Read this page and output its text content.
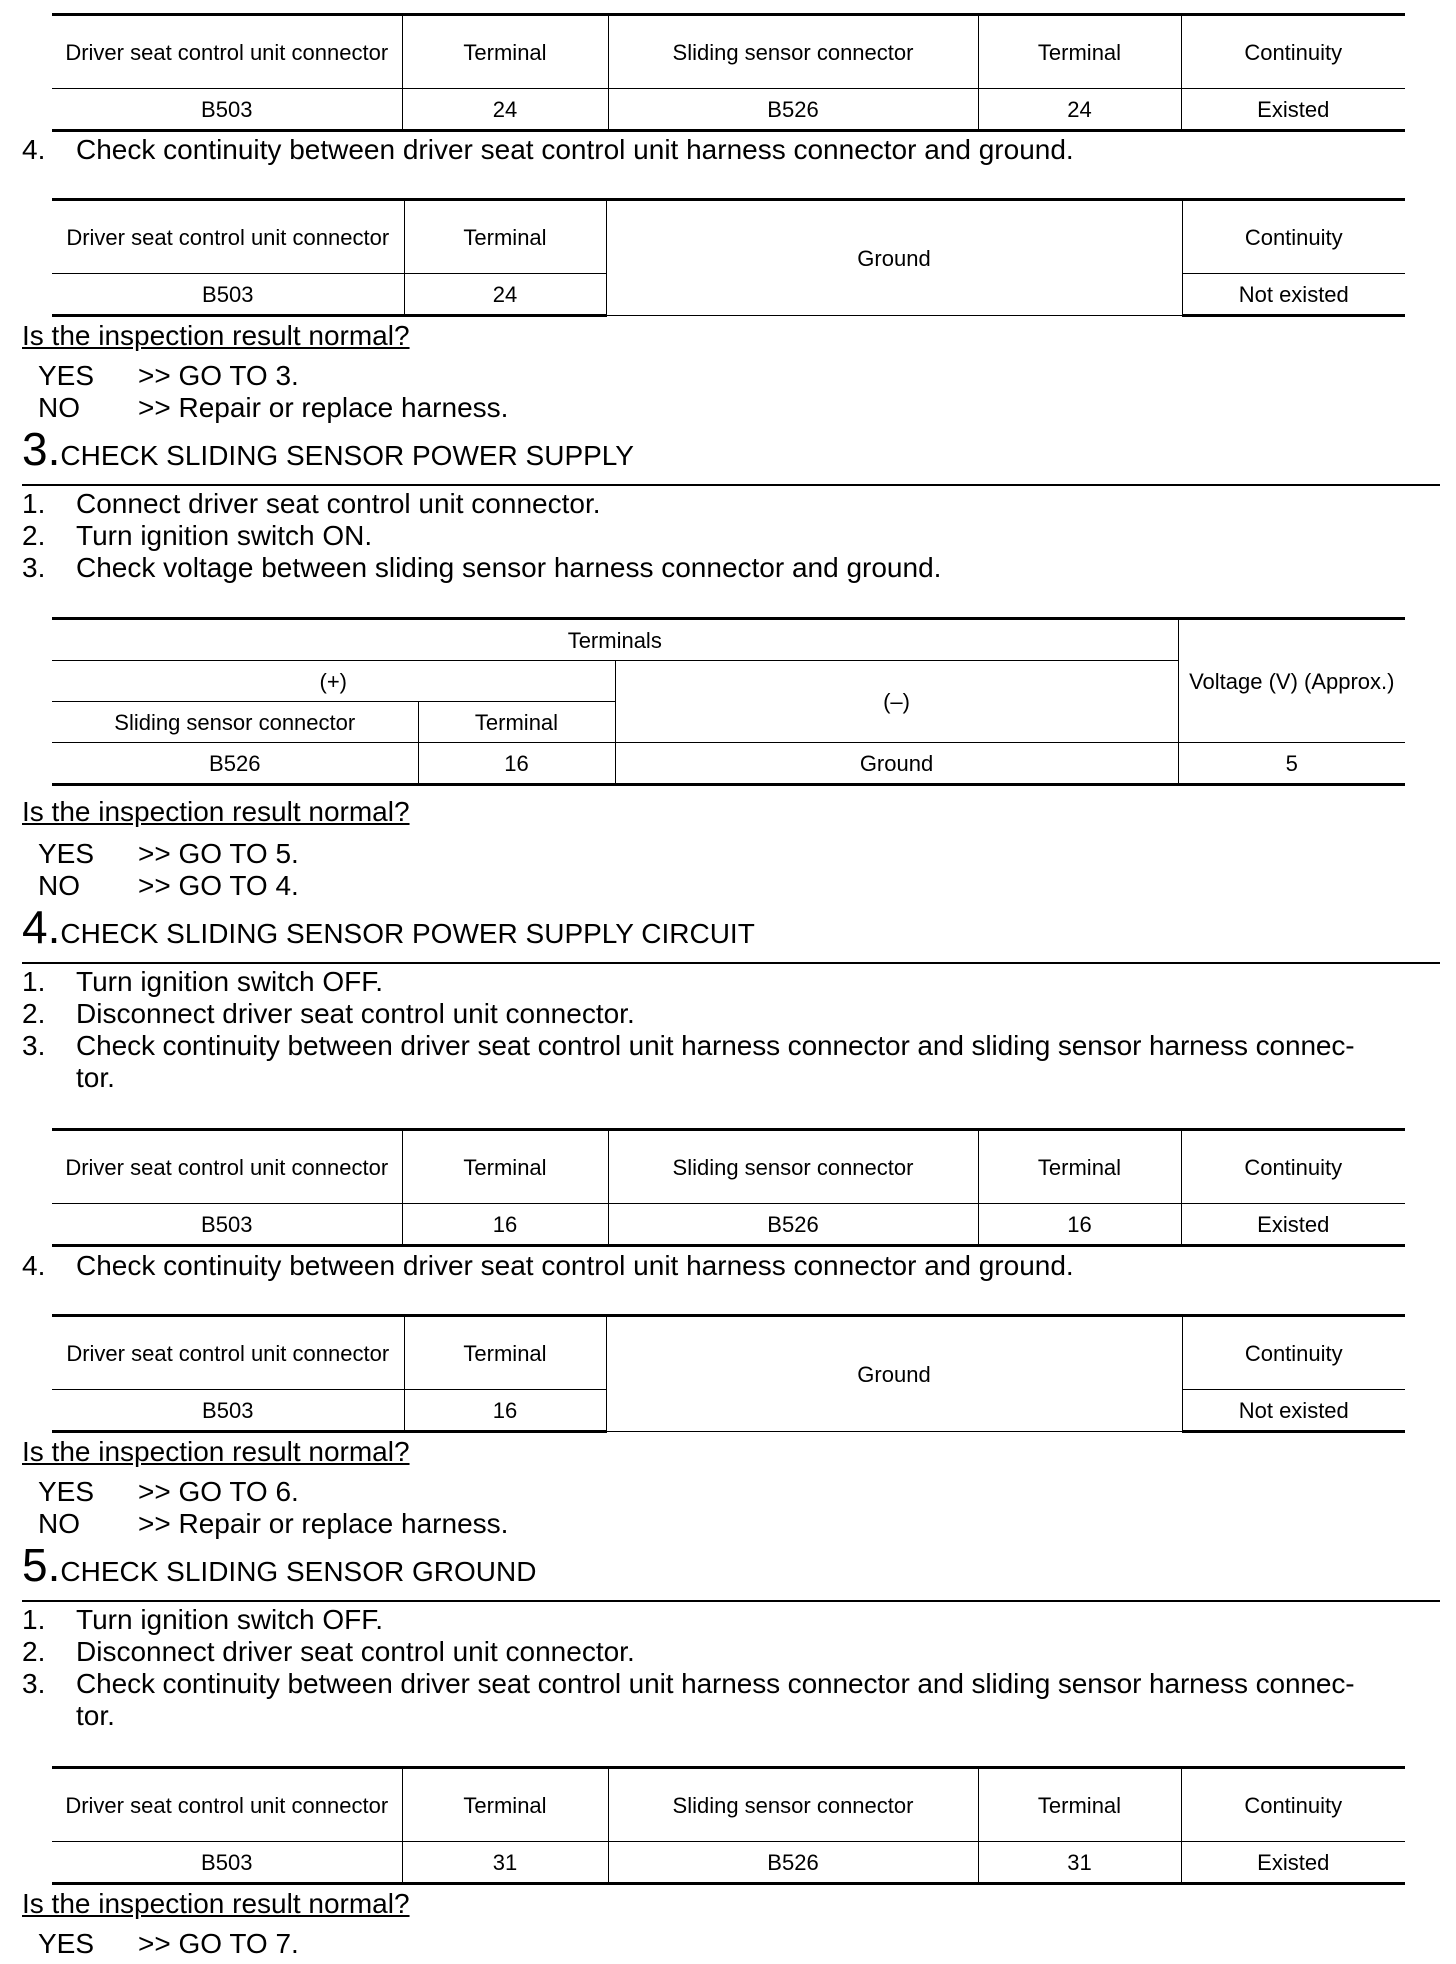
Driver seat control unit connector	Terminal	Sliding sensor connector	Terminal	Continuity
B503	24	B526	24	Existed
4. Check continuity between driver seat control unit harness connector and ground.
Driver seat control unit connector	Terminal	Ground	Continuity
B503	24		Not existed
Is the inspection result normal?
YES >> GO TO 3.
NO >> Repair or replace harness.
3.CHECK SLIDING SENSOR POWER SUPPLY
1. Connect driver seat control unit connector.
2. Turn ignition switch ON.
3. Check voltage between sliding sensor harness connector and ground.
Terminals			Voltage (V) (Approx.)
(+)		(–)	
Sliding sensor connector	Terminal		
B526	16	Ground	5
Is the inspection result normal?
YES >> GO TO 5.
NO >> GO TO 4.
4.CHECK SLIDING SENSOR POWER SUPPLY CIRCUIT
1. Turn ignition switch OFF.
2. Disconnect driver seat control unit connector.
3. Check continuity between driver seat control unit harness connector and sliding sensor harness connec-
tor.
Driver seat control unit connector	Terminal	Sliding sensor connector	Terminal	Continuity
B503	16	B526	16	Existed
4. Check continuity between driver seat control unit harness connector and ground.
Driver seat control unit connector	Terminal	Ground	Continuity
B503	16		Not existed
Is the inspection result normal?
YES >> GO TO 6.
NO >> Repair or replace harness.
5.CHECK SLIDING SENSOR GROUND
1. Turn ignition switch OFF.
2. Disconnect driver seat control unit connector.
3. Check continuity between driver seat control unit harness connector and sliding sensor harness connec-
tor.
Driver seat control unit connector	Terminal	Sliding sensor connector	Terminal	Continuity
B503	31	B526	31	Existed
Is the inspection result normal?
YES >> GO TO 7.
